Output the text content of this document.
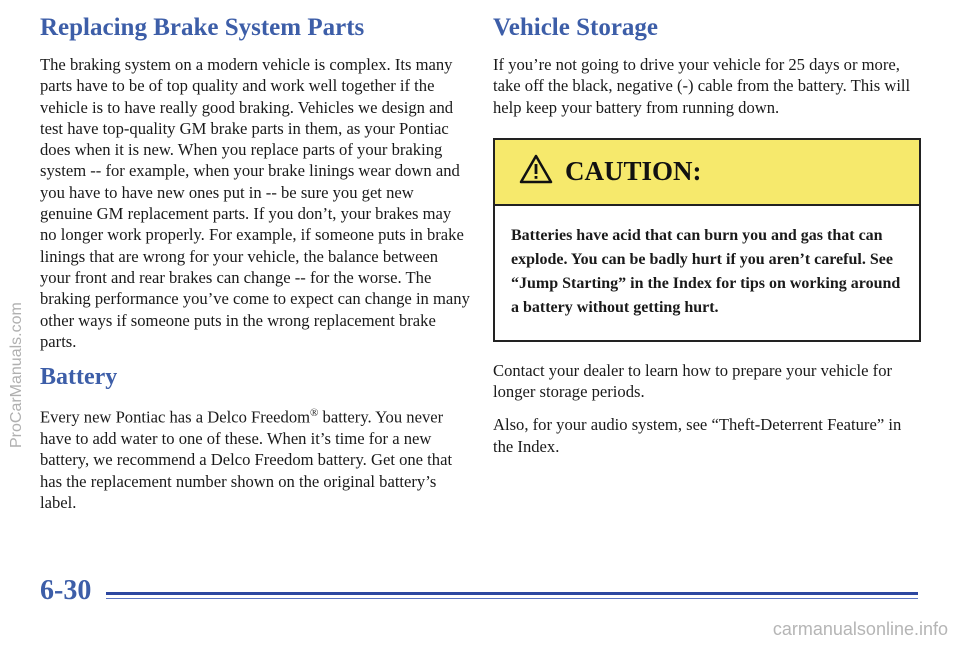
Replacing Brake System Parts

The braking system on a modern vehicle is complex. Its many parts have to be of top quality and work well together if the vehicle is to have really good braking. Vehicles we design and test have top-quality GM brake parts in them, as your Pontiac does when it is new. When you replace parts of your braking system -- for example, when your brake linings wear down and you have to have new ones put in -- be sure you get new genuine GM replacement parts. If you don’t, your brakes may no longer work properly. For example, if someone puts in brake linings that are wrong for your vehicle, the balance between your front and rear brakes can change -- for the worse. The braking performance you’ve come to expect can change in many other ways if someone puts in the wrong replacement brake parts.

Battery

Every new Pontiac has a Delco Freedom® battery. You never have to add water to one of these. When it’s time for a new battery, we recommend a Delco Freedom battery. Get one that has the replacement number shown on the original battery’s label.

Vehicle Storage

If you’re not going to drive your vehicle for 25 days or more, take off the black, negative (-) cable from the battery. This will help keep your battery from running down.

CAUTION:
Batteries have acid that can burn you and gas that can explode. You can be badly hurt if you aren’t careful. See “Jump Starting” in the Index for tips on working around a battery without getting hurt.

Contact your dealer to learn how to prepare your vehicle for longer storage periods.

Also, for your audio system, see “Theft-Deterrent Feature” in the Index.

6-30
ProCarManuals.com
carmanualsonline.info
